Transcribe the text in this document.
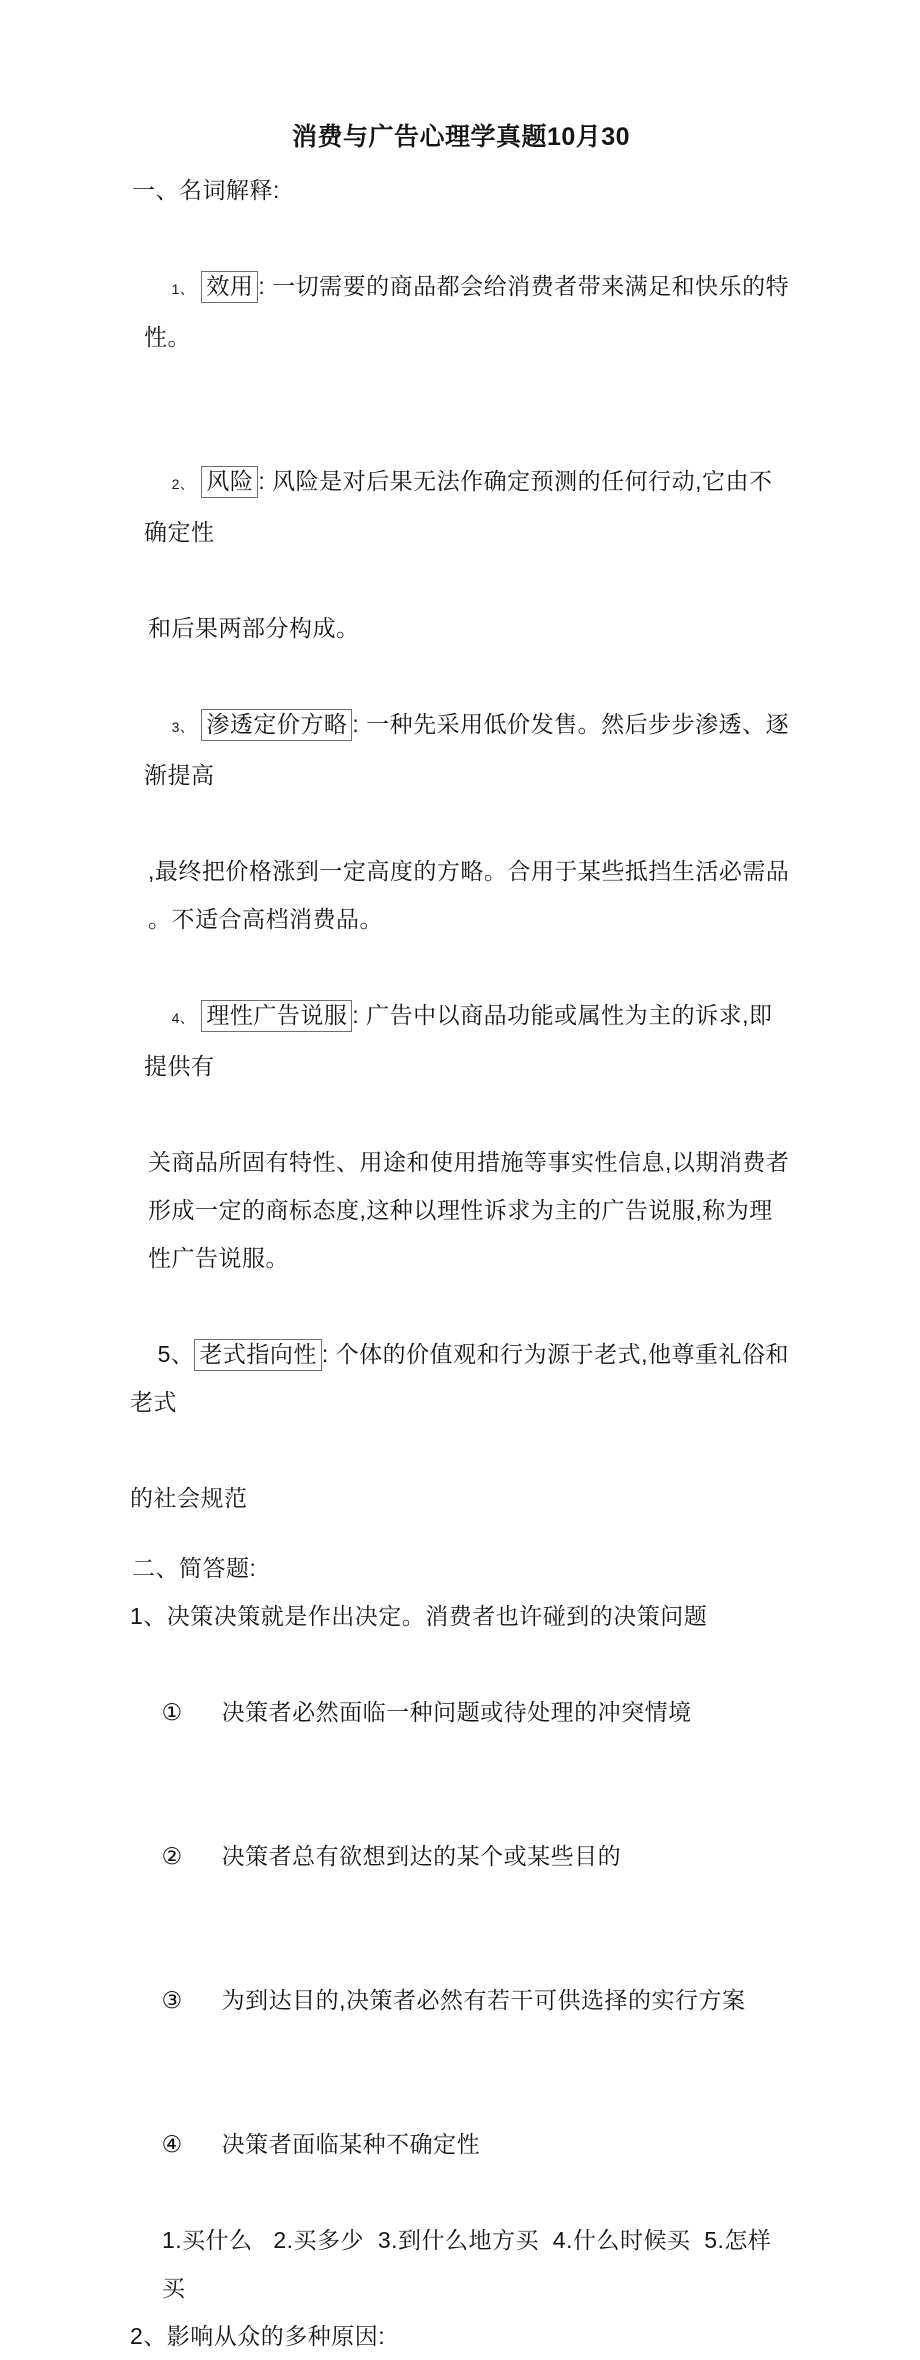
消费与广告心理学真题10月30
一、名词解释:

1、 效用 : 一切需要的商品都会给消费者带来满足和快乐的特性。

2、 风险 : 风险是对后果无法作确定预测的任何行动,它由不确定性

和后果两部分构成。

3、 渗透定价方略 : 一种先采用低价发售。然后步步渗透、逐渐提高

,最终把价格涨到一定高度的方略。合用于某些抵挡生活必需品
。不适合高档消费品。

4、 理性广告说服 : 广告中以商品功能或属性为主的诉求,即提供有

关商品所固有特性、用途和使用措施等事实性信息,以期消费者
形成一定的商标态度,这种以理性诉求为主的广告说服,称为理
性广告说服。

5、 老式指向性 : 个体的价值观和行为源于老式,他尊重礼俗和老式

的社会规范
二、简答题:
1、决策决策就是作出决定。消费者也许碰到的决策问题

① 决策者必然面临一种问题或待处理的冲突情境

② 决策者总有欲想到达的某个或某些目的

③ 为到达目的,决策者必然有若干可供选择的实行方案

④ 决策者面临某种不确定性

1.买什么   2.买多少  3.到什么地方买  4.什么时候买  5.怎样买
2、影响从众的多种原因:
